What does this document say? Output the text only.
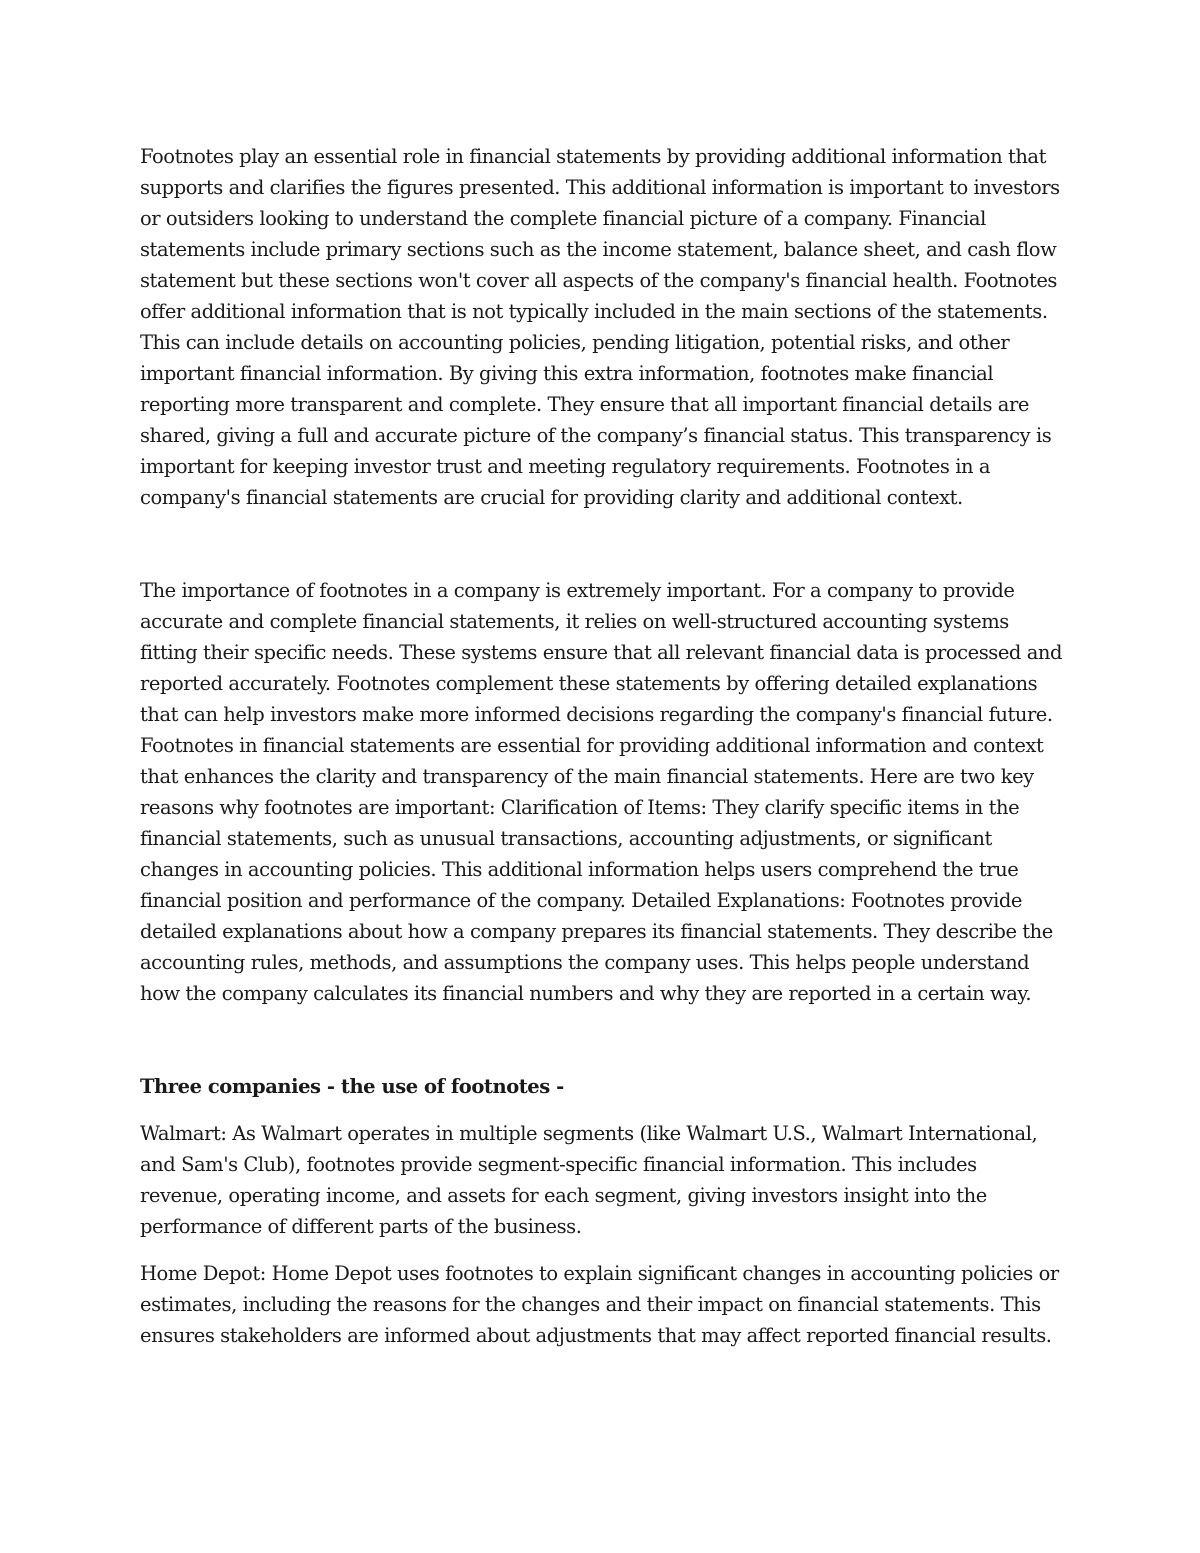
Footnotes play an essential role in financial statements by providing additional information that supports and clarifies the figures presented. This additional information is important to investors or outsiders looking to understand the complete financial picture of a company. Financial statements include primary sections such as the income statement, balance sheet, and cash flow statement but these sections won't cover all aspects of the company's financial health. Footnotes offer additional information that is not typically included in the main sections of the statements. This can include details on accounting policies, pending litigation, potential risks, and other important financial information. By giving this extra information, footnotes make financial reporting more transparent and complete. They ensure that all important financial details are shared, giving a full and accurate picture of the company’s financial status. This transparency is important for keeping investor trust and meeting regulatory requirements. Footnotes in a company's financial statements are crucial for providing clarity and additional context.

The importance of footnotes in a company is extremely important. For a company to provide accurate and complete financial statements, it relies on well-structured accounting systems fitting their specific needs. These systems ensure that all relevant financial data is processed and reported accurately. Footnotes complement these statements by offering detailed explanations that can help investors make more informed decisions regarding the company's financial future. Footnotes in financial statements are essential for providing additional information and context that enhances the clarity and transparency of the main financial statements. Here are two key reasons why footnotes are important: Clarification of Items: They clarify specific items in the financial statements, such as unusual transactions, accounting adjustments, or significant changes in accounting policies. This additional information helps users comprehend the true financial position and performance of the company. Detailed Explanations: Footnotes provide detailed explanations about how a company prepares its financial statements. They describe the accounting rules, methods, and assumptions the company uses. This helps people understand how the company calculates its financial numbers and why they are reported in a certain way.

Three companies - the use of footnotes -

Walmart: As Walmart operates in multiple segments (like Walmart U.S., Walmart International, and Sam's Club), footnotes provide segment-specific financial information. This includes revenue, operating income, and assets for each segment, giving investors insight into the performance of different parts of the business.

Home Depot: Home Depot uses footnotes to explain significant changes in accounting policies or estimates, including the reasons for the changes and their impact on financial statements. This ensures stakeholders are informed about adjustments that may affect reported financial results.
